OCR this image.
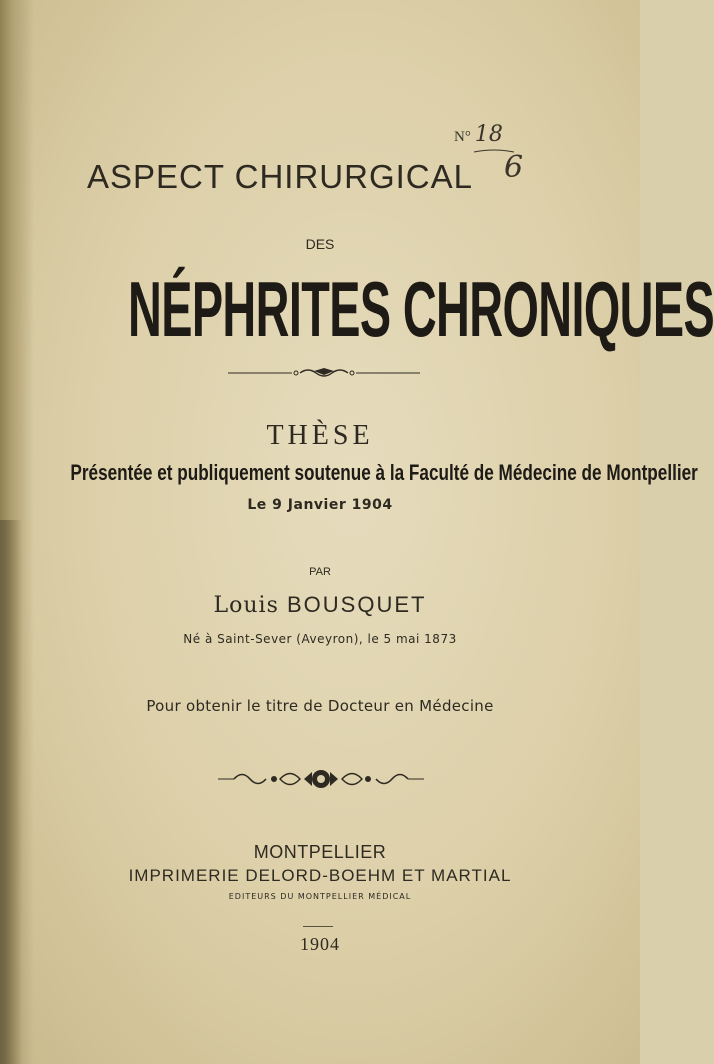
N° 18
6
ASPECT CHIRURGICAL
DES
NÉPHRITES CHRONIQUES
THÈSE
Présentée et publiquement soutenue à la Faculté de Médecine de Montpellier
Le 9 Janvier 1904
PAR
Louis BOUSQUET
Né à Saint-Sever (Aveyron), le 5 mai 1873
Pour obtenir le titre de Docteur en Médecine
MONTPELLIER
IMPRIMERIE DELORD-BOEHM ET MARTIAL
EDITEURS DU MONTPELLIER MÉDICAL
1904
